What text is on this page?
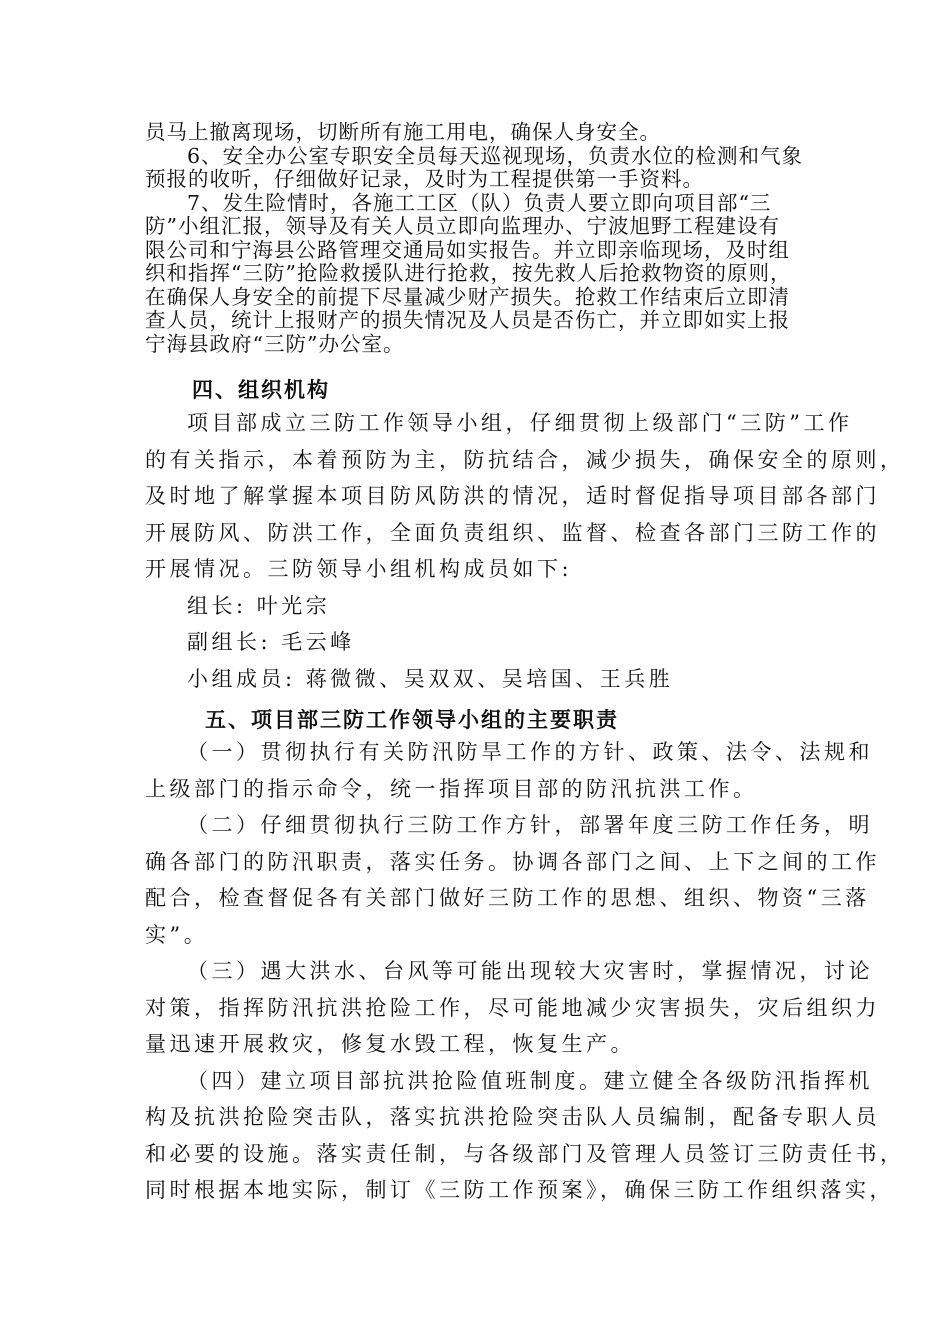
员马上撤离现场，切断所有施工用电，确保人身安全。
6、安全办公室专职安全员每天巡视现场，负责水位的检测和气象
预报的收听，仔细做好记录，及时为工程提供第一手资料。
7、发生险情时，各施工工区（队）负责人要立即向项目部“三
防”小组汇报，领导及有关人员立即向监理办、宁波旭野工程建设有
限公司和宁海县公路管理交通局如实报告。并立即亲临现场，及时组
织和指挥“三防”抢险救援队进行抢救，按先救人后抢救物资的原则，
在确保人身安全的前提下尽量减少财产损失。抢救工作结束后立即清
查人员，统计上报财产的损失情况及人员是否伤亡，并立即如实上报
宁海县政府“三防”办公室。
四、组织机构
项目部成立三防工作领导小组，仔细贯彻上级部门“三防”工作
的有关指示，本着预防为主，防抗结合，减少损失，确保安全的原则，
及时地了解掌握本项目防风防洪的情况，适时督促指导项目部各部门
开展防风、防洪工作，全面负责组织、监督、检查各部门三防工作的
开展情况。三防领导小组机构成员如下:
组长: 叶光宗
副组长: 毛云峰
小组成员: 蒋微微、吴双双、吴培国、王兵胜
五、项目部三防工作领导小组的主要职责
（一）贯彻执行有关防汛防旱工作的方针、政策、法令、法规和
上级部门的指示命令，统一指挥项目部的防汛抗洪工作。
（二）仔细贯彻执行三防工作方针，部署年度三防工作任务，明
确各部门的防汛职责，落实任务。协调各部门之间、上下之间的工作
配合，检查督促各有关部门做好三防工作的思想、组织、物资“三落
实”。
（三）遇大洪水、台风等可能出现较大灾害时，掌握情况，讨论
对策，指挥防汛抗洪抢险工作，尽可能地减少灾害损失，灾后组织力
量迅速开展救灾，修复水毁工程，恢复生产。
（四）建立项目部抗洪抢险值班制度。建立健全各级防汛指挥机
构及抗洪抢险突击队，落实抗洪抢险突击队人员编制，配备专职人员
和必要的设施。落实责任制，与各级部门及管理人员签订三防责任书，
同时根据本地实际，制订《三防工作预案》，确保三防工作组织落实，
